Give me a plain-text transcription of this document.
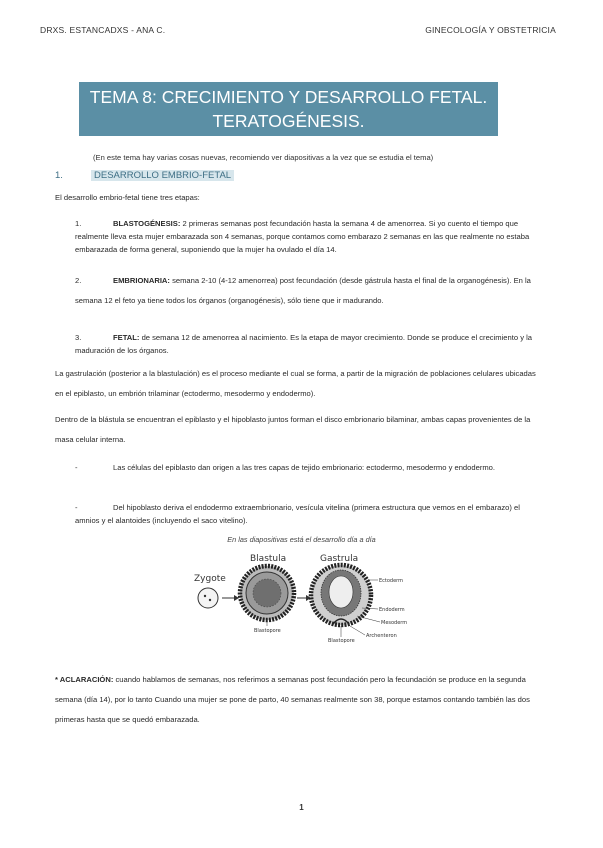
DRXS. ESTANCADXS - ANA C.	GINECOLOGÍA Y OBSTETRICIA
TEMA 8: CRECIMIENTO Y DESARROLLO FETAL.
TERATOGÉNESIS.
(En este tema hay varias cosas nuevas, recomiendo ver diapositivas a la vez que se estudia el tema)
1.	DESARROLLO EMBRIO-FETAL
El desarrollo embrio-fetal tiene tres etapas:

1.	BLASTOGÉNESIS: 2 primeras semanas post fecundación hasta la semana 4 de amenorrea. Si yo cuento el tiempo que realmente lleva esta mujer embarazada son 4 semanas, porque contamos como embarazo 2 semanas en las que realmente no estaba embarazada de forma general, suponiendo que la mujer ha ovulado el día 14.

2.	EMBRIONARIA: semana 2-10 (4-12 amenorrea) post fecundación (desde gástrula hasta el final de la organogénesis). En la semana 12 el feto ya tiene todos los órganos (organogénesis), sólo tiene que ir madurando.

3.	FETAL: de semana 12 de amenorrea al nacimiento. Es la etapa de mayor crecimiento. Donde se produce el crecimiento y la maduración de los órganos.

La gastrulación (posterior a la blastulación) es el proceso mediante el cual se forma, a partir de la migración de poblaciones celulares ubicadas en el epiblasto, un embrión trilaminar (ectodermo, mesodermo y endodermo).

Dentro de la blástula se encuentran el epiblasto y el hipoblasto juntos forman el disco embrionario bilaminar, ambas capas provenientes de la masa celular interna.

-	Las células del epiblasto dan origen a las tres capas de tejido embrionario: ectodermo, mesodermo y endodermo.

-	Del hipoblasto deriva el endodermo extraembrionario, vesícula vitelina (primera estructura que vemos en el embarazo) el amnios y el alantoides (incluyendo el saco vitelino).

En las diapositivas está el desarrollo día a día
Zygote
Blastula
Blastopore
Gastrula
Ectoderm
Endoderm
Mesoderm
Archenteron
Blastopore

* ACLARACIÓN: cuando hablamos de semanas, nos referimos a semanas post fecundación pero la fecundación se produce en la segunda semana (día 14), por lo tanto Cuando una mujer se pone de parto, 40 semanas realmente son 38, porque estamos contando también las dos primeras hasta que se quedó embarazada.

1
